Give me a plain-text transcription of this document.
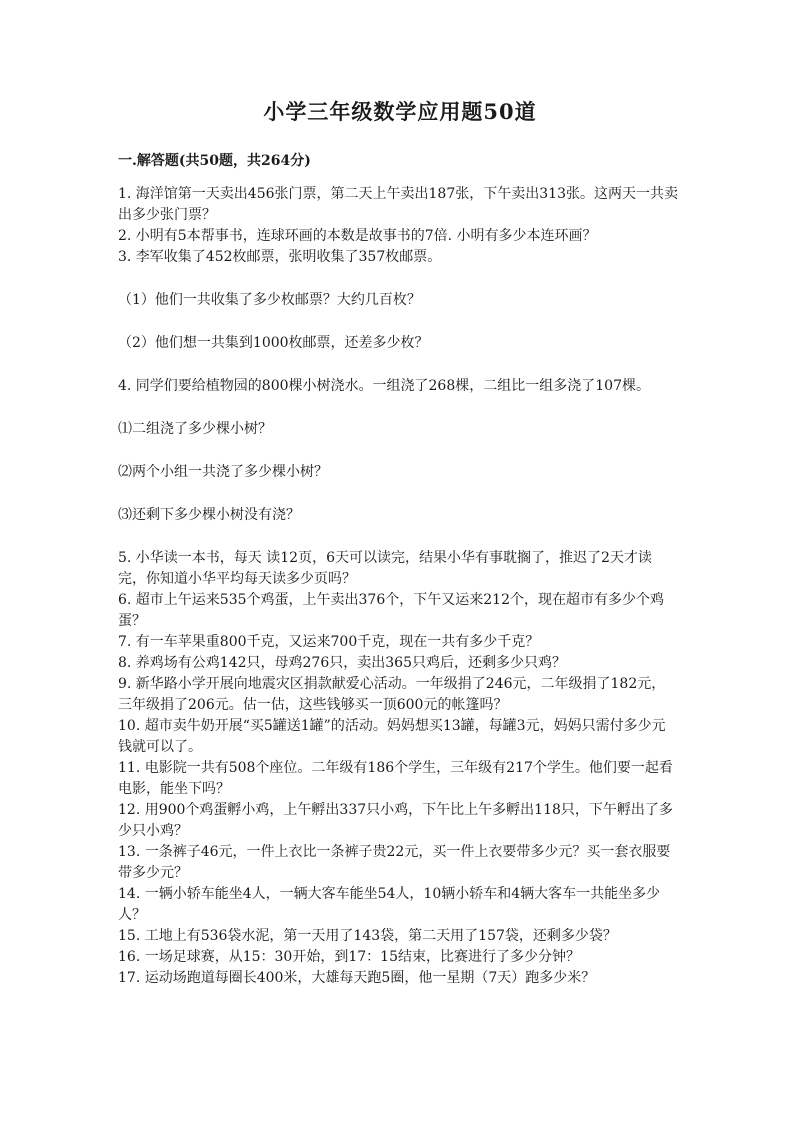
小学三年级数学应用题50道
一.解答题(共50题，共264分)

1. 海洋馆第一天卖出456张门票，第二天上午卖出187张，下午卖出313张。这两天一共卖出多少张门票？

2. 小明有5本帮事书，连球环画的本数是故事书的7倍. 小明有多少本连环画？

3. 李军收集了452枚邮票，张明收集了357枚邮票。

（1）他们一共收集了多少枚邮票？大约几百枚？

（2）他们想一共集到1000枚邮票，还差多少枚？

4. 同学们要给植物园的800棵小树浇水。一组浇了268棵，二组比一组多浇了107棵。

⑴二组浇了多少棵小树？

⑵两个小组一共浇了多少棵小树？

⑶还剩下多少棵小树没有浇？

5. 小华读一本书，每天 读12页，6天可以读完，结果小华有事耽搁了，推迟了2天才读完，你知道小华平均每天读多少页吗？

6. 超市上午运来535个鸡蛋，上午卖出376个，下午又运来212个，现在超市有多少个鸡蛋？

7. 有一车苹果重800千克，又运来700千克，现在一共有多少千克？

8. 养鸡场有公鸡142只，母鸡276只，卖出365只鸡后，还剩多少只鸡？

9. 新华路小学开展向地震灾区捐款献爱心活动。一年级捐了246元，二年级捐了182元，三年级捐了206元。估一估，这些钱够买一顶600元的帐篷吗？

10. 超市卖牛奶开展“买5罐送1罐”的活动。妈妈想买13罐，每罐3元，妈妈只需付多少元钱就可以了。

11. 电影院一共有508个座位。二年级有186个学生，三年级有217个学生。他们要一起看电影，能坐下吗？

12. 用900个鸡蛋孵小鸡，上午孵出337只小鸡，下午比上午多孵出118只，下午孵出了多少只小鸡？

13. 一条裤子46元，一件上衣比一条裤子贵22元，买一件上衣要带多少元？买一套衣服要带多少元？

14. 一辆小轿车能坐4人，一辆大客车能坐54人，10辆小轿车和4辆大客车一共能坐多少人？

15. 工地上有536袋水泥，第一天用了143袋，第二天用了157袋，还剩多少袋？

16. 一场足球赛，从15：30开始，到17：15结束，比赛进行了多少分钟？

17. 运动场跑道每圈长400米，大雄每天跑5圈，他一星期（7天）跑多少米？
